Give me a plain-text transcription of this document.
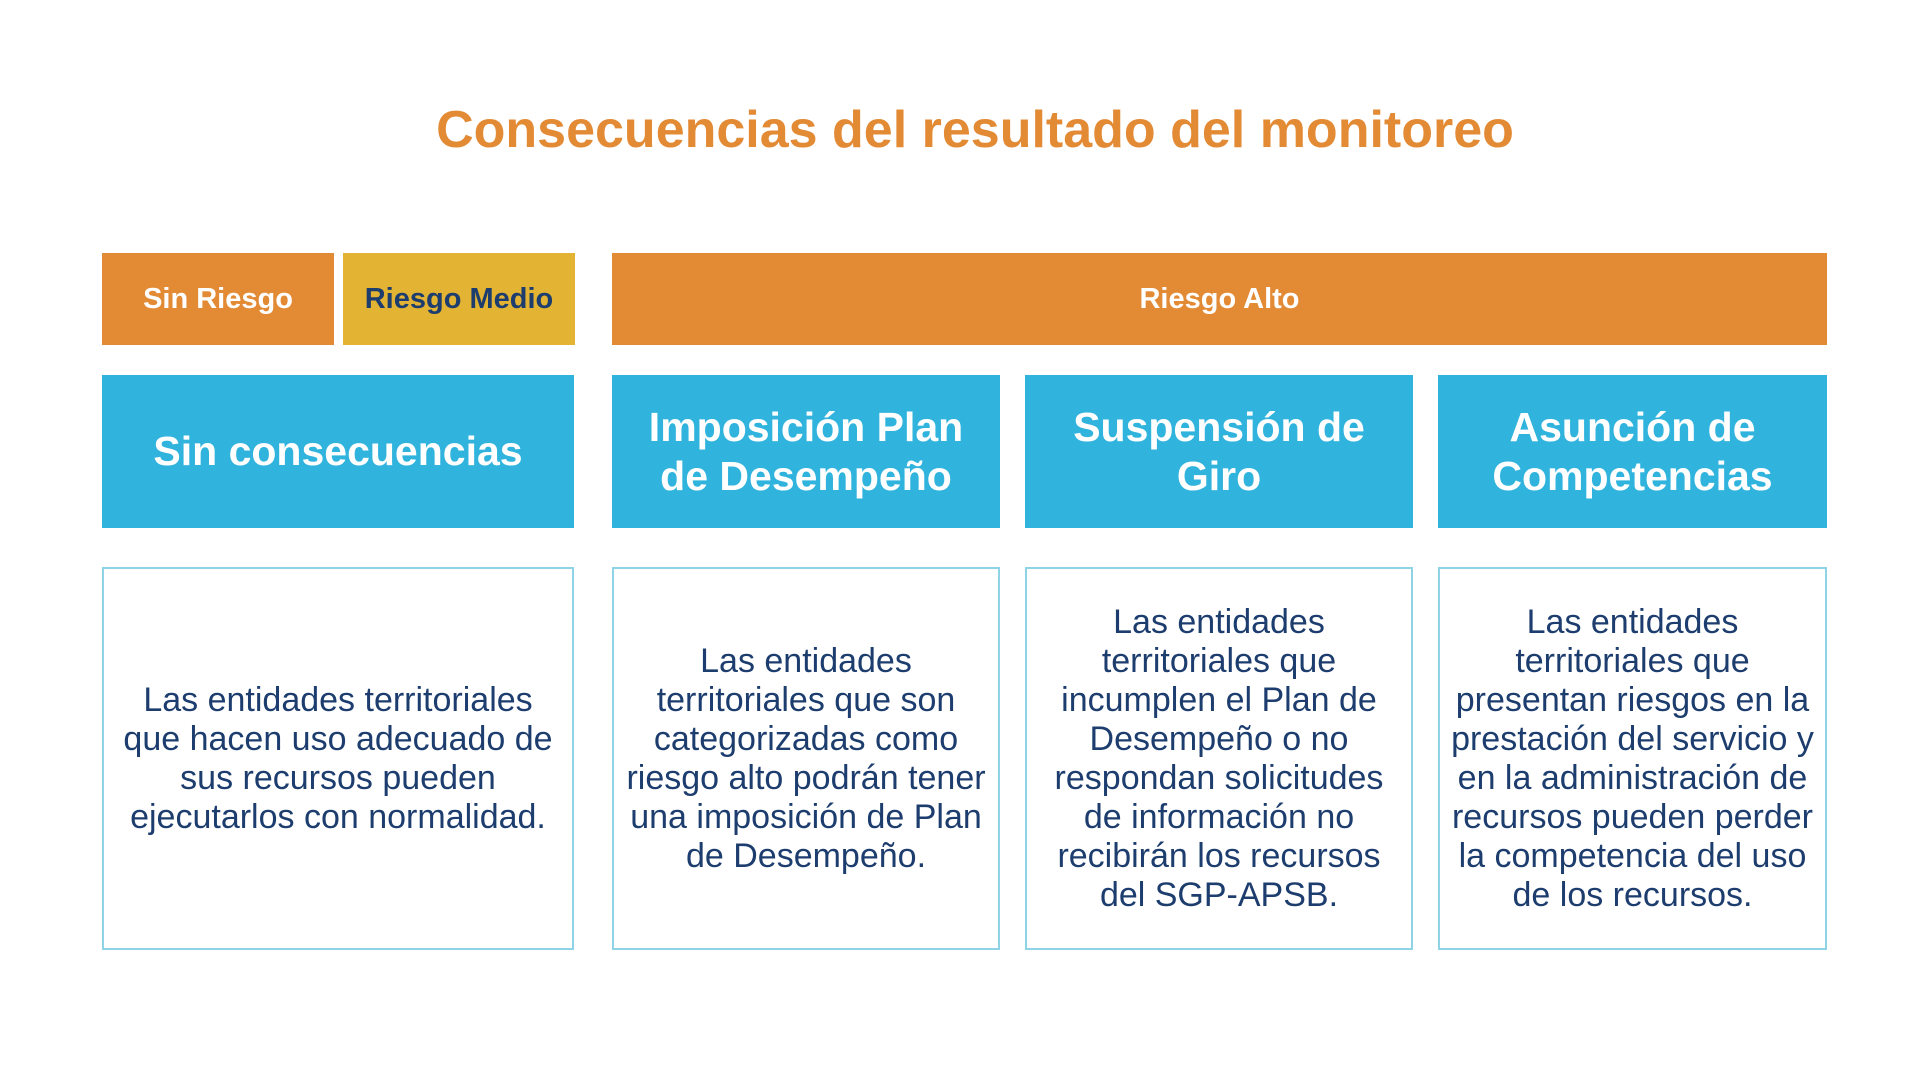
Consecuencias del resultado del monitoreo
Sin Riesgo	Riesgo Medio	Riesgo Alto
Sin consecuencias
Imposición Plan de Desempeño
Suspensión de Giro
Asunción de Competencias
Las entidades territoriales que hacen uso adecuado de sus recursos pueden ejecutarlos con normalidad.
Las entidades territoriales que son categorizadas como riesgo alto podrán tener una imposición de Plan de Desempeño.
Las entidades territoriales que incumplen el Plan de Desempeño o no respondan solicitudes de información no recibirán los recursos del SGP-APSB.
Las entidades territoriales que presentan riesgos en la prestación del servicio y en la administración de recursos pueden perder la competencia del uso de los recursos.
